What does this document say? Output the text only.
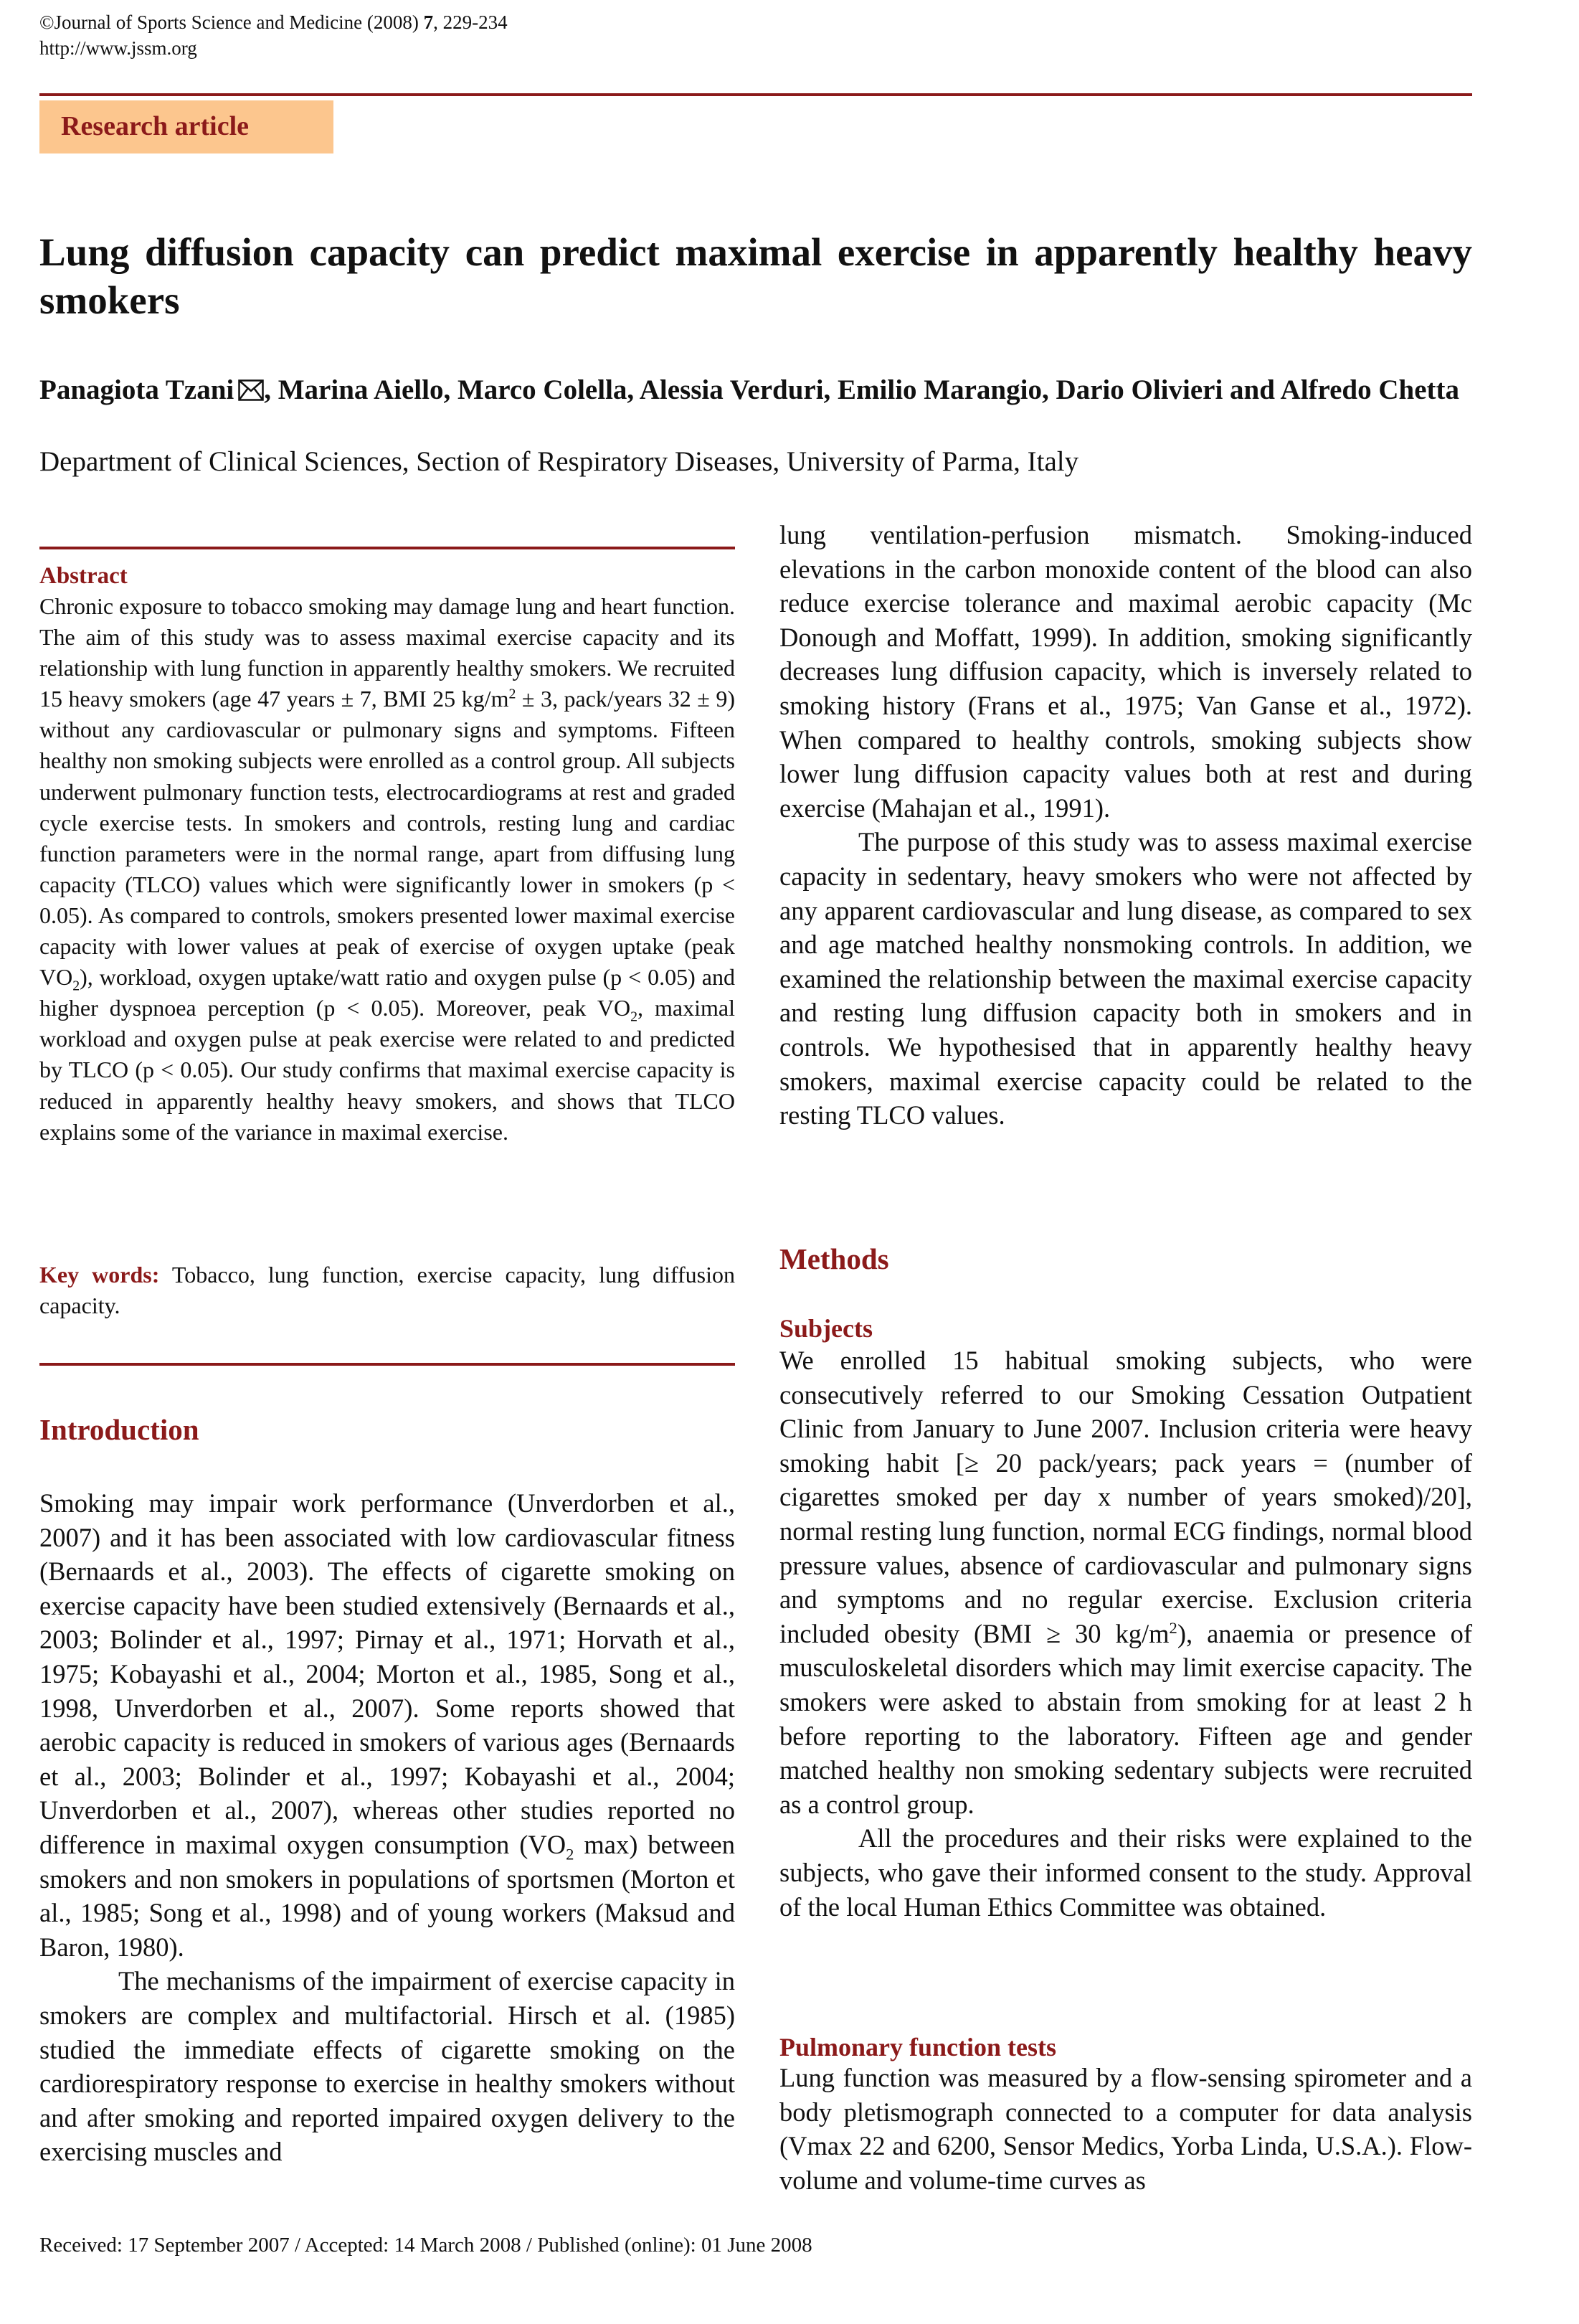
©Journal of Sports Science and Medicine (2008) 7, 229-234
http://www.jssm.org
Research article
Lung diffusion capacity can predict maximal exercise in apparently healthy heavy smokers
Panagiota Tzani , Marina Aiello, Marco Colella, Alessia Verduri, Emilio Marangio, Dario Olivieri and Alfredo Chetta
Department of Clinical Sciences, Section of Respiratory Diseases, University of Parma, Italy
Abstract
Chronic exposure to tobacco smoking may damage lung and heart function. The aim of this study was to assess maximal exercise capacity and its relationship with lung function in apparently healthy smokers. We recruited 15 heavy smokers (age 47 years ± 7, BMI 25 $kg/m^2 \pm 3$, pack/years 32 ± 9) without any cardiovascular or pulmonary signs and symptoms. Fifteen healthy non smoking subjects were enrolled as a control group. All subjects underwent pulmonary function tests, electrocardiograms at rest and graded cycle exercise tests. In smokers and controls, resting lung and cardiac function parameters were in the normal range, apart from diffusing lung capacity (TLCO) values which were significantly lower in smokers (p < 0.05). As compared to controls, smokers presented lower maximal exercise capacity with lower values at peak of exercise of oxygen uptake (peak $VO_2$), workload, oxygen uptake/watt ratio and oxygen pulse (p < 0.05) and higher dyspnoea perception (p < 0.05). Moreover, peak $VO_2$, maximal workload and oxygen pulse at peak exercise were related to and predicted by TLCO (p < 0.05). Our study confirms that maximal exercise capacity is reduced in apparently healthy heavy smokers, and shows that TLCO explains some of the variance in maximal exercise.
Key words: Tobacco, lung function, exercise capacity, lung diffusion capacity.
Introduction

Smoking may impair work performance (Unverdorben et al., 2007) and it has been associated with low cardiovascular fitness (Bernaards et al., 2003). The effects of cigarette smoking on exercise capacity have been studied extensively (Bernaards et al., 2003; Bolinder et al., 1997; Pirnay et al., 1971; Horvath et al., 1975; Kobayashi et al., 2004; Morton et al., 1985, Song et al., 1998, Unverdorben et al., 2007). Some reports showed that aerobic capacity is reduced in smokers of various ages (Bernaards et al., 2003; Bolinder et al., 1997; Kobayashi et al., 2004; Unverdorben et al., 2007), whereas other studies reported no difference in maximal oxygen consumption ($VO_2$ max) between smokers and non smokers in populations of sportsmen (Morton et al., 1985; Song et al., 1998) and of young workers (Maksud and Baron, 1980).

The mechanisms of the impairment of exercise capacity in smokers are complex and multifactorial. Hirsch et al. (1985) studied the immediate effects of cigarette smoking on the cardiorespiratory response to exercise in healthy smokers without and after smoking and reported impaired oxygen delivery to the exercising muscles and

lung ventilation-perfusion mismatch. Smoking-induced elevations in the carbon monoxide content of the blood can also reduce exercise tolerance and maximal aerobic capacity (Mc Donough and Moffatt, 1999). In addition, smoking significantly decreases lung diffusion capacity, which is inversely related to smoking history (Frans et al., 1975; Van Ganse et al., 1972). When compared to healthy controls, smoking subjects show lower lung diffusion capacity values both at rest and during exercise (Mahajan et al., 1991).

The purpose of this study was to assess maximal exercise capacity in sedentary, heavy smokers who were not affected by any apparent cardiovascular and lung disease, as compared to sex and age matched healthy nonsmoking controls. In addition, we examined the relationship between the maximal exercise capacity and resting lung diffusion capacity both in smokers and in controls. We hypothesised that in apparently healthy heavy smokers, maximal exercise capacity could be related to the resting TLCO values.

Methods
Subjects

We enrolled 15 habitual smoking subjects, who were consecutively referred to our Smoking Cessation Outpatient Clinic from January to June 2007. Inclusion criteria were heavy smoking habit [≥ 20 pack/years; pack years = (number of cigarettes smoked per day x number of years smoked)/20], normal resting lung function, normal ECG findings, normal blood pressure values, absence of cardiovascular and pulmonary signs and symptoms and no regular exercise. Exclusion criteria included obesity (BMI ≥ 30 $kg/m^2$), anaemia or presence of musculoskeletal disorders which may limit exercise capacity. The smokers were asked to abstain from smoking for at least 2 h before reporting to the laboratory. Fifteen age and gender matched healthy non smoking sedentary subjects were recruited as a control group.

All the procedures and their risks were explained to the subjects, who gave their informed consent to the study. Approval of the local Human Ethics Committee was obtained.

Pulmonary function tests
Lung function was measured by a flow-sensing spirometer and a body pletismograph connected to a computer for data analysis (Vmax 22 and 6200, Sensor Medics, Yorba Linda, U.S.A.). Flow-volume and volume-time curves as
Received: 17 September 2007 / Accepted: 14 March 2008 / Published (online): 01 June 2008
